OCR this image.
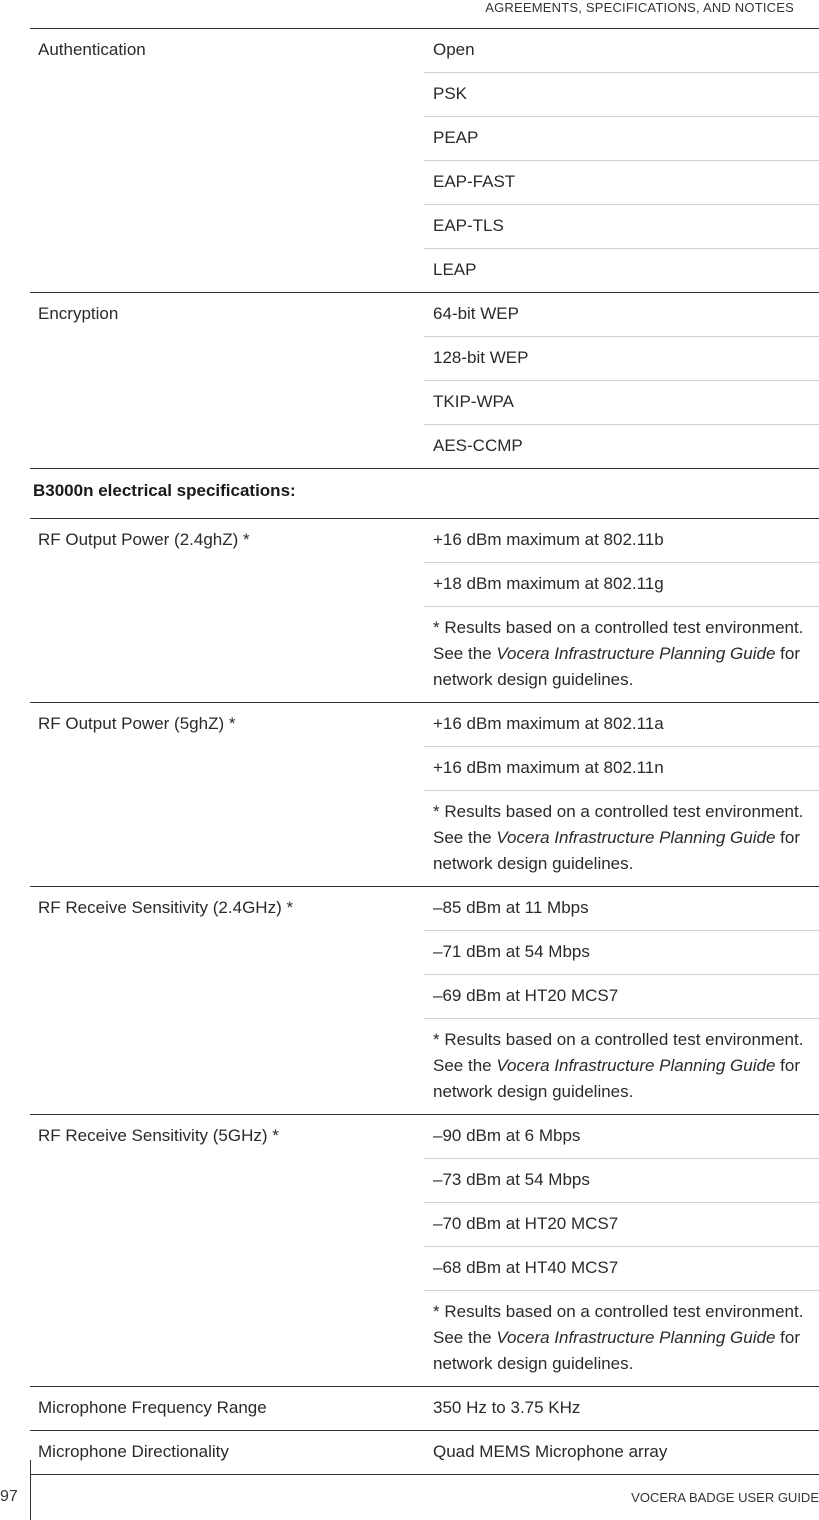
AGREEMENTS, SPECIFICATIONS, AND NOTICES
Authentication	Open
	PSK
	PEAP
	EAP-FAST
	EAP-TLS
	LEAP
Encryption	64-bit WEP
	128-bit WEP
	TKIP-WPA
	AES-CCMP
B3000n electrical specifications:
RF Output Power (2.4ghZ) *	+16 dBm maximum at 802.11b
	+18 dBm maximum at 802.11g
	* Results based on a controlled test environment. See the Vocera Infrastructure Planning Guide for network design guidelines.
RF Output Power (5ghZ) *	+16 dBm maximum at 802.11a
	+16 dBm maximum at 802.11n
	* Results based on a controlled test environment. See the Vocera Infrastructure Planning Guide for network design guidelines.
RF Receive Sensitivity (2.4GHz) *	–85 dBm at 11 Mbps
	–71 dBm at 54 Mbps
	–69 dBm at HT20 MCS7
	* Results based on a controlled test environment. See the Vocera Infrastructure Planning Guide for network design guidelines.
RF Receive Sensitivity (5GHz) *	–90 dBm at 6 Mbps
	–73 dBm at 54 Mbps
	–70 dBm at HT20 MCS7
	–68 dBm at HT40 MCS7
	* Results based on a controlled test environment. See the Vocera Infrastructure Planning Guide for network design guidelines.
Microphone Frequency Range	350 Hz to 3.75 KHz
Microphone Directionality	Quad MEMS Microphone array
97	VOCERA BADGE USER GUIDE
